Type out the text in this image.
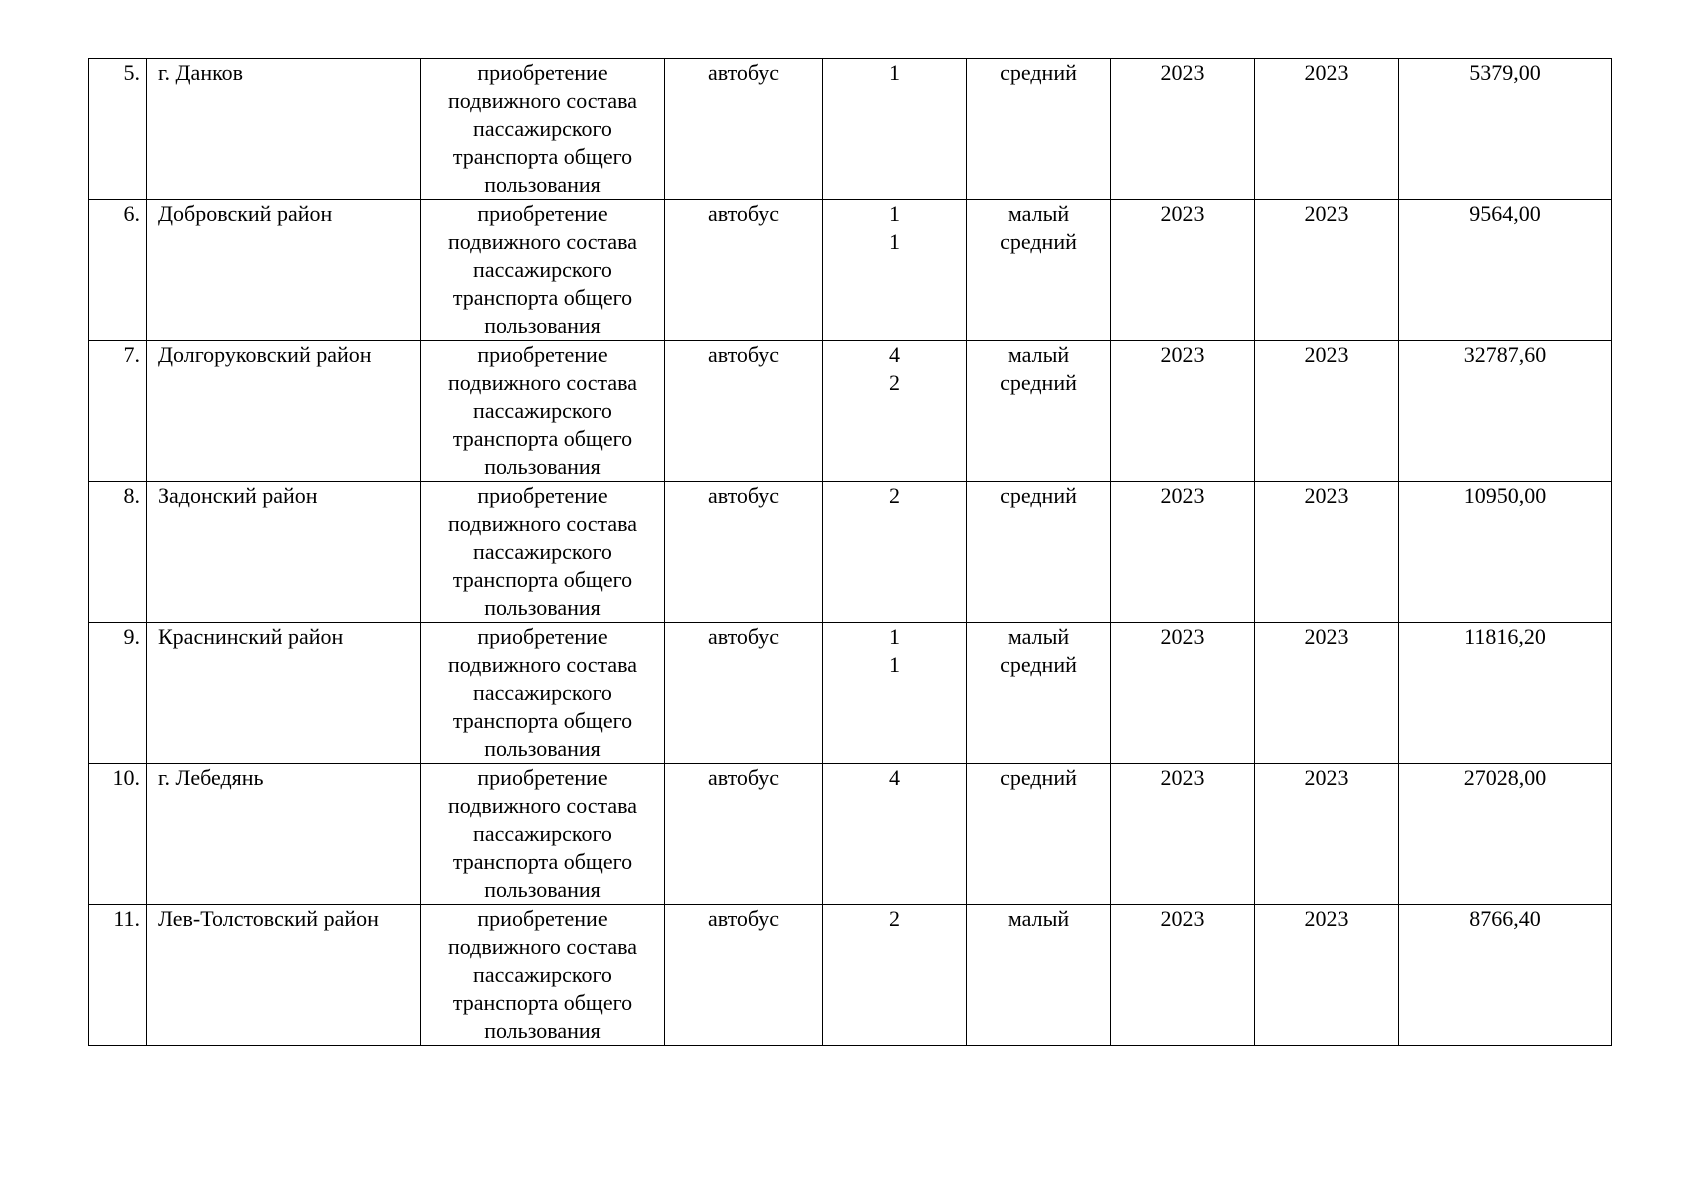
5.	г. Данков	приобретение
подвижного состава
пассажирского
транспорта общего
пользования	автобус	1	средний	2023	2023	5379,00
6.	Добровский район	приобретение
подвижного состава
пассажирского
транспорта общего
пользования	автобус	1
1	малый
средний	2023	2023	9564,00
7.	Долгоруковский район	приобретение
подвижного состава
пассажирского
транспорта общего
пользования	автобус	4
2	малый
средний	2023	2023	32787,60
8.	Задонский район	приобретение
подвижного состава
пассажирского
транспорта общего
пользования	автобус	2	средний	2023	2023	10950,00
9.	Краснинский район	приобретение
подвижного состава
пассажирского
транспорта общего
пользования	автобус	1
1	малый
средний	2023	2023	11816,20
10.	г. Лебедянь	приобретение
подвижного состава
пассажирского
транспорта общего
пользования	автобус	4	средний	2023	2023	27028,00
11.	Лев-Толстовский район	приобретение
подвижного состава
пассажирского
транспорта общего
пользования	автобус	2	малый	2023	2023	8766,40
